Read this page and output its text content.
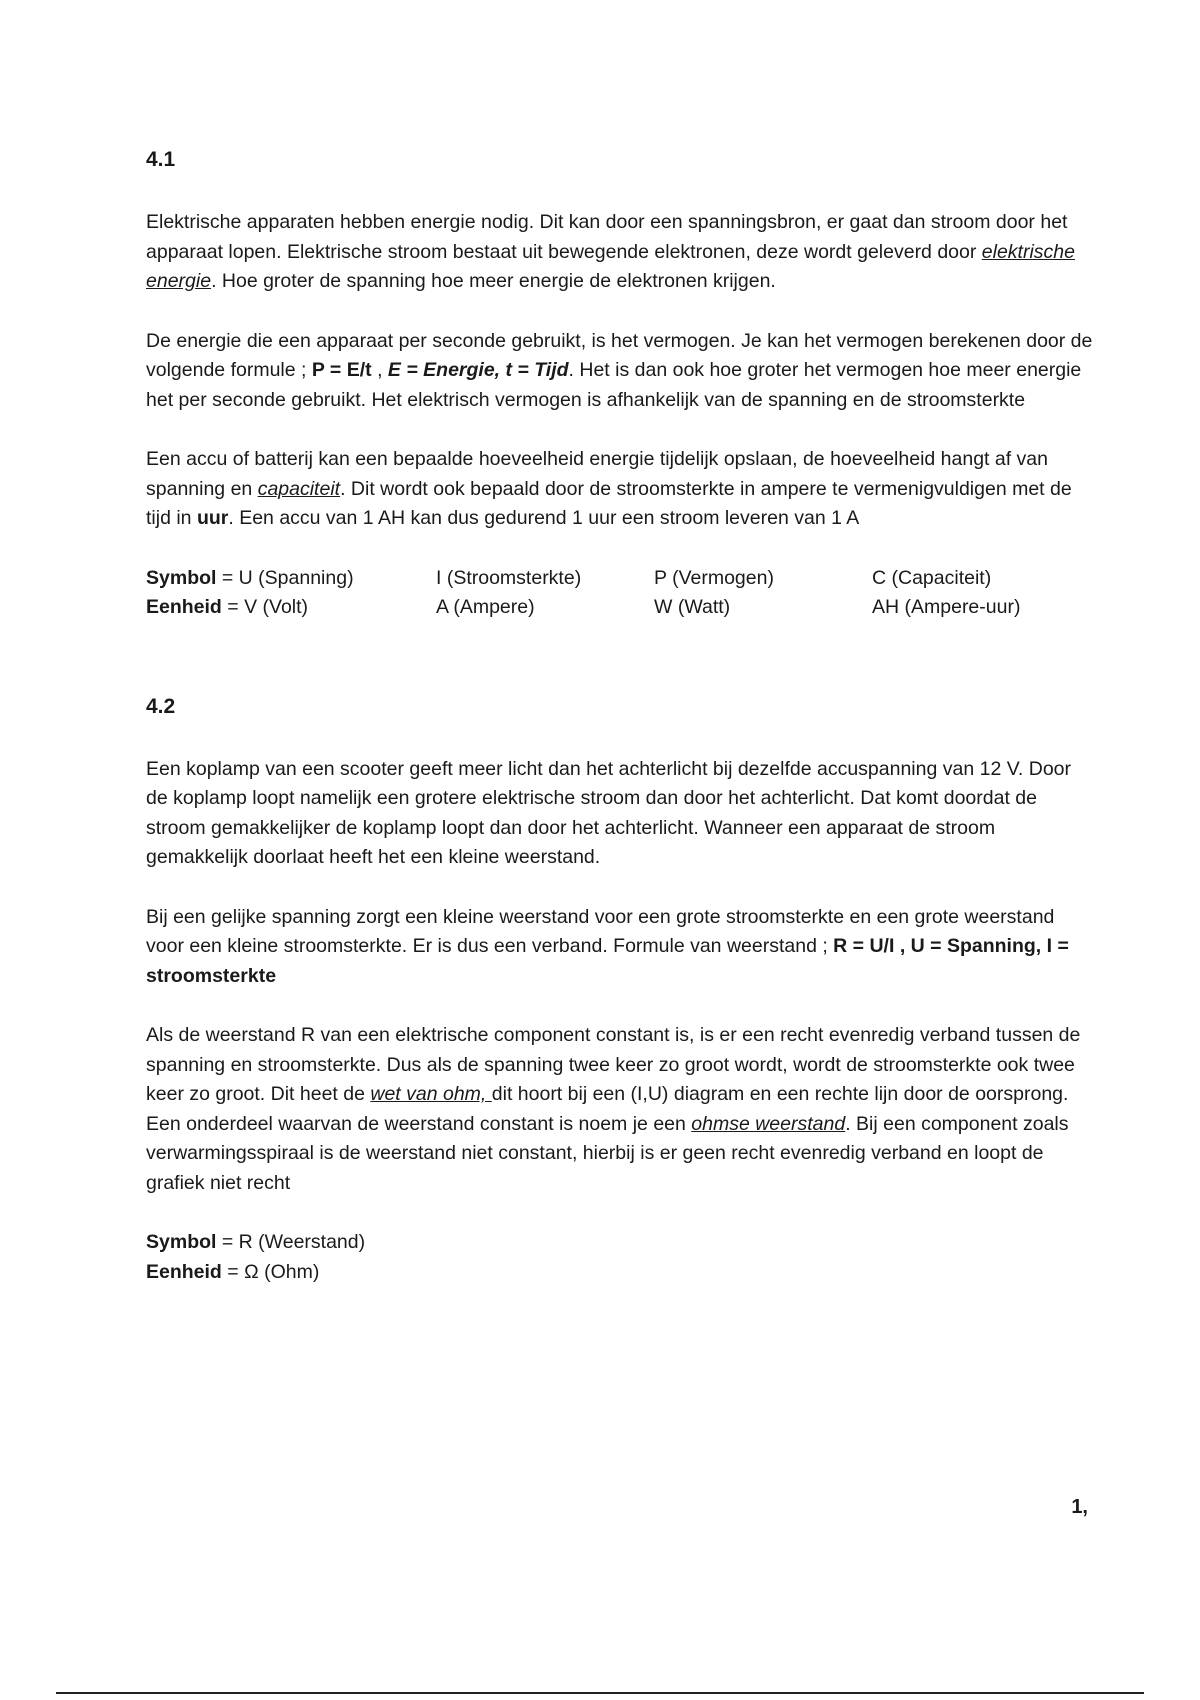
4.1

Elektrische apparaten hebben energie nodig. Dit kan door een spanningsbron, er gaat dan stroom door het apparaat lopen. Elektrische stroom bestaat uit bewegende elektronen, deze wordt geleverd door elektrische energie. Hoe groter de spanning hoe meer energie de elektronen krijgen.

De energie die een apparaat per seconde gebruikt, is het vermogen. Je kan het vermogen berekenen door de volgende formule ; P = E/t , E = Energie, t = Tijd. Het is dan ook hoe groter het vermogen hoe meer energie het per seconde gebruikt. Het elektrisch vermogen is afhankelijk van de spanning en de stroomsterkte

Een accu of batterij kan een bepaalde hoeveelheid energie tijdelijk opslaan, de hoeveelheid hangt af van spanning en capaciteit. Dit wordt ook bepaald door de stroomsterkte in ampere te vermenigvuldigen met de tijd in uur. Een accu van 1 AH kan dus gedurend 1 uur een stroom leveren van 1 A

Symbol = U (Spanning)	I (Stroomsterkte)	P (Vermogen)	C (Capaciteit)
Eenheid = V (Volt)	A (Ampere)	W (Watt)	AH (Ampere-uur)
4.2

Een koplamp van een scooter geeft meer licht dan het achterlicht bij dezelfde accuspanning van 12 V. Door de koplamp loopt namelijk een grotere elektrische stroom dan door het achterlicht. Dat komt doordat de stroom gemakkelijker de koplamp loopt dan door het achterlicht. Wanneer een apparaat de stroom gemakkelijk doorlaat heeft het een kleine weerstand.

Bij een gelijke spanning zorgt een kleine weerstand voor een grote stroomsterkte en een grote weerstand voor een kleine stroomsterkte. Er is dus een verband. Formule van weerstand ; R = U/I , U = Spanning, I = stroomsterkte

Als de weerstand R van een elektrische component constant is, is er een recht evenredig verband tussen de spanning en stroomsterkte. Dus als de spanning twee keer zo groot wordt, wordt de stroomsterkte ook twee keer zo groot. Dit heet de wet van ohm, dit hoort bij een (I,U) diagram en een rechte lijn door de oorsprong. Een onderdeel waarvan de weerstand constant is noem je een ohmse weerstand. Bij een component zoals verwarmingsspiraal is de weerstand niet constant, hierbij is er geen recht evenredig verband en loopt de grafiek niet recht

Symbol = R (Weerstand)
Eenheid = Ω (Ohm)
1,
